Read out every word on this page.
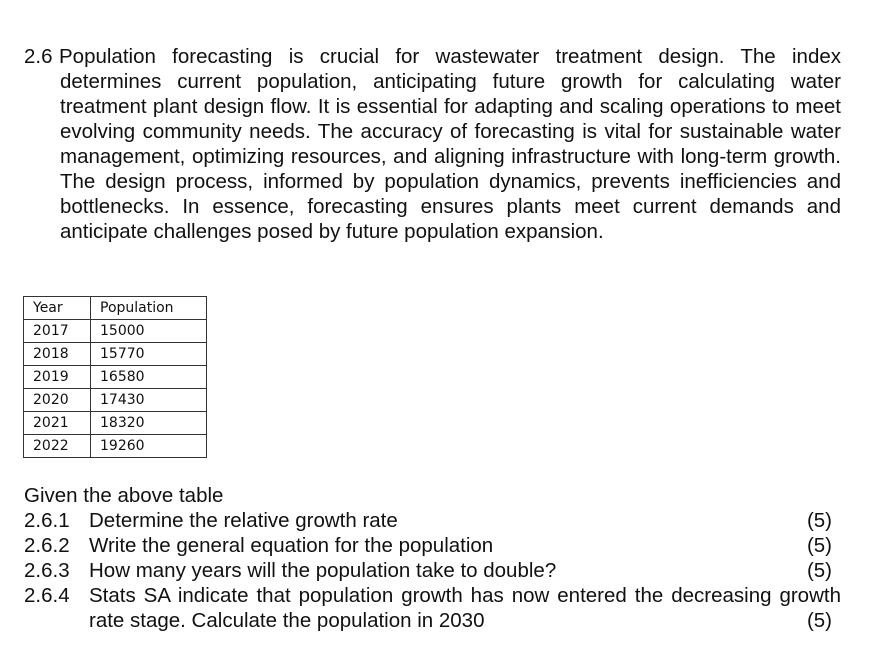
2.6 Population forecasting is crucial for wastewater treatment design. The index determines current population, anticipating future growth for calculating water treatment plant design flow. It is essential for adapting and scaling operations to meet evolving community needs. The accuracy of forecasting is vital for sustainable water management, optimizing resources, and aligning infrastructure with long-term growth. The design process, informed by population dynamics, prevents inefficiencies and bottlenecks. In essence, forecasting ensures plants meet current demands and anticipate challenges posed by future population expansion.
Year	Population
2017	15000
2018	15770
2019	16580
2020	17430
2021	18320
2022	19260
Given the above table
2.6.1 Determine the relative growth rate	(5)
2.6.2 Write the general equation for the population	(5)
2.6.3 How many years will the population take to double?	(5)
2.6.4 Stats SA indicate that population growth has now entered the decreasing growth rate stage. Calculate the population in 2030	(5)
